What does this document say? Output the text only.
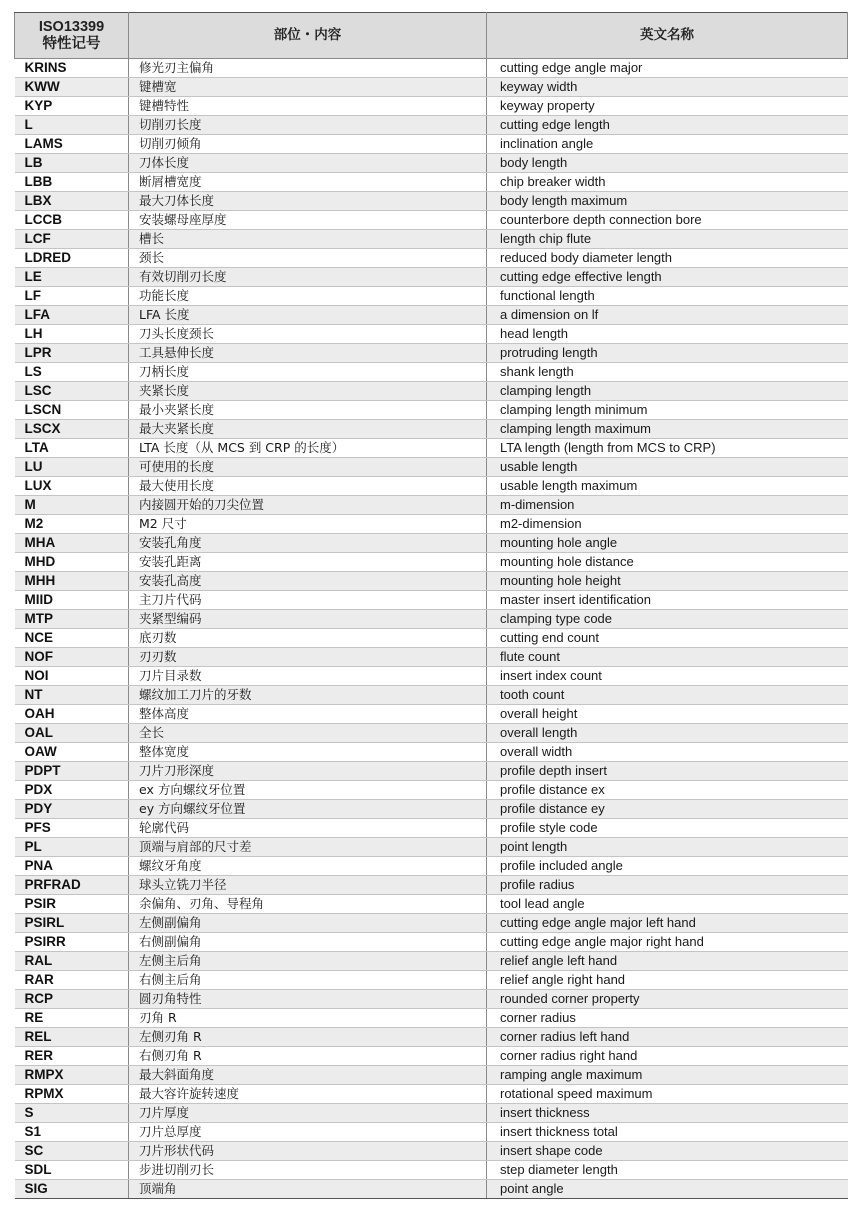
ISO13399
特性记号	部位・内容	英文名称
KRINS	修光刃主偏角	cutting edge angle major
KWW	键槽宽	keyway width
KYP	键槽特性	keyway property
L	切削刃长度	cutting edge length
LAMS	切削刃倾角	inclination angle
LB	刀体长度	body length
LBB	断屑槽宽度	chip breaker width
LBX	最大刀体长度	body length maximum
LCCB	安装螺母座厚度	counterbore depth connection bore
LCF	槽长	length chip flute
LDRED	颈长	reduced body diameter length
LE	有效切削刃长度	cutting edge effective length
LF	功能长度	functional length
LFA	LFA 长度	a dimension on lf
LH	刀头长度颈长	head length
LPR	工具悬伸长度	protruding length
LS	刀柄长度	shank length
LSC	夹紧长度	clamping length
LSCN	最小夹紧长度	clamping length minimum
LSCX	最大夹紧长度	clamping length maximum
LTA	LTA 长度（从 MCS 到 CRP 的长度）	LTA length (length from MCS to CRP)
LU	可使用的长度	usable length
LUX	最大使用长度	usable length maximum
M	内接圆开始的刀尖位置	m-dimension
M2	M2 尺寸	m2-dimension
MHA	安装孔角度	mounting hole angle
MHD	安装孔距离	mounting hole distance
MHH	安装孔高度	mounting hole height
MIID	主刀片代码	master insert identification
MTP	夹紧型编码	clamping type code
NCE	底刃数	cutting end count
NOF	刃刃数	flute count
NOI	刀片目录数	insert index count
NT	螺纹加工刀片的牙数	tooth count
OAH	整体高度	overall height
OAL	全长	overall length
OAW	整体宽度	overall width
PDPT	刀片刀形深度	profile depth insert
PDX	ex 方向螺纹牙位置	profile distance ex
PDY	ey 方向螺纹牙位置	profile distance ey
PFS	轮廓代码	profile style code
PL	顶端与肩部的尺寸差	point length
PNA	螺纹牙角度	profile included angle
PRFRAD	球头立铣刀半径	profile radius
PSIR	余偏角、刃角、导程角	tool lead angle
PSIRL	左侧副偏角	cutting edge angle major left hand
PSIRR	右侧副偏角	cutting edge angle major right hand
RAL	左侧主后角	relief angle left hand
RAR	右侧主后角	relief angle right hand
RCP	圆刃角特性	rounded corner property
RE	刃角 R	corner radius
REL	左侧刃角 R	corner radius left hand
RER	右侧刃角 R	corner radius right hand
RMPX	最大斜面角度	ramping angle maximum
RPMX	最大容许旋转速度	rotational speed maximum
S	刀片厚度	insert thickness
S1	刀片总厚度	insert thickness total
SC	刀片形状代码	insert shape code
SDL	步进切削刃长	step diameter length
SIG	顶端角	point angle
